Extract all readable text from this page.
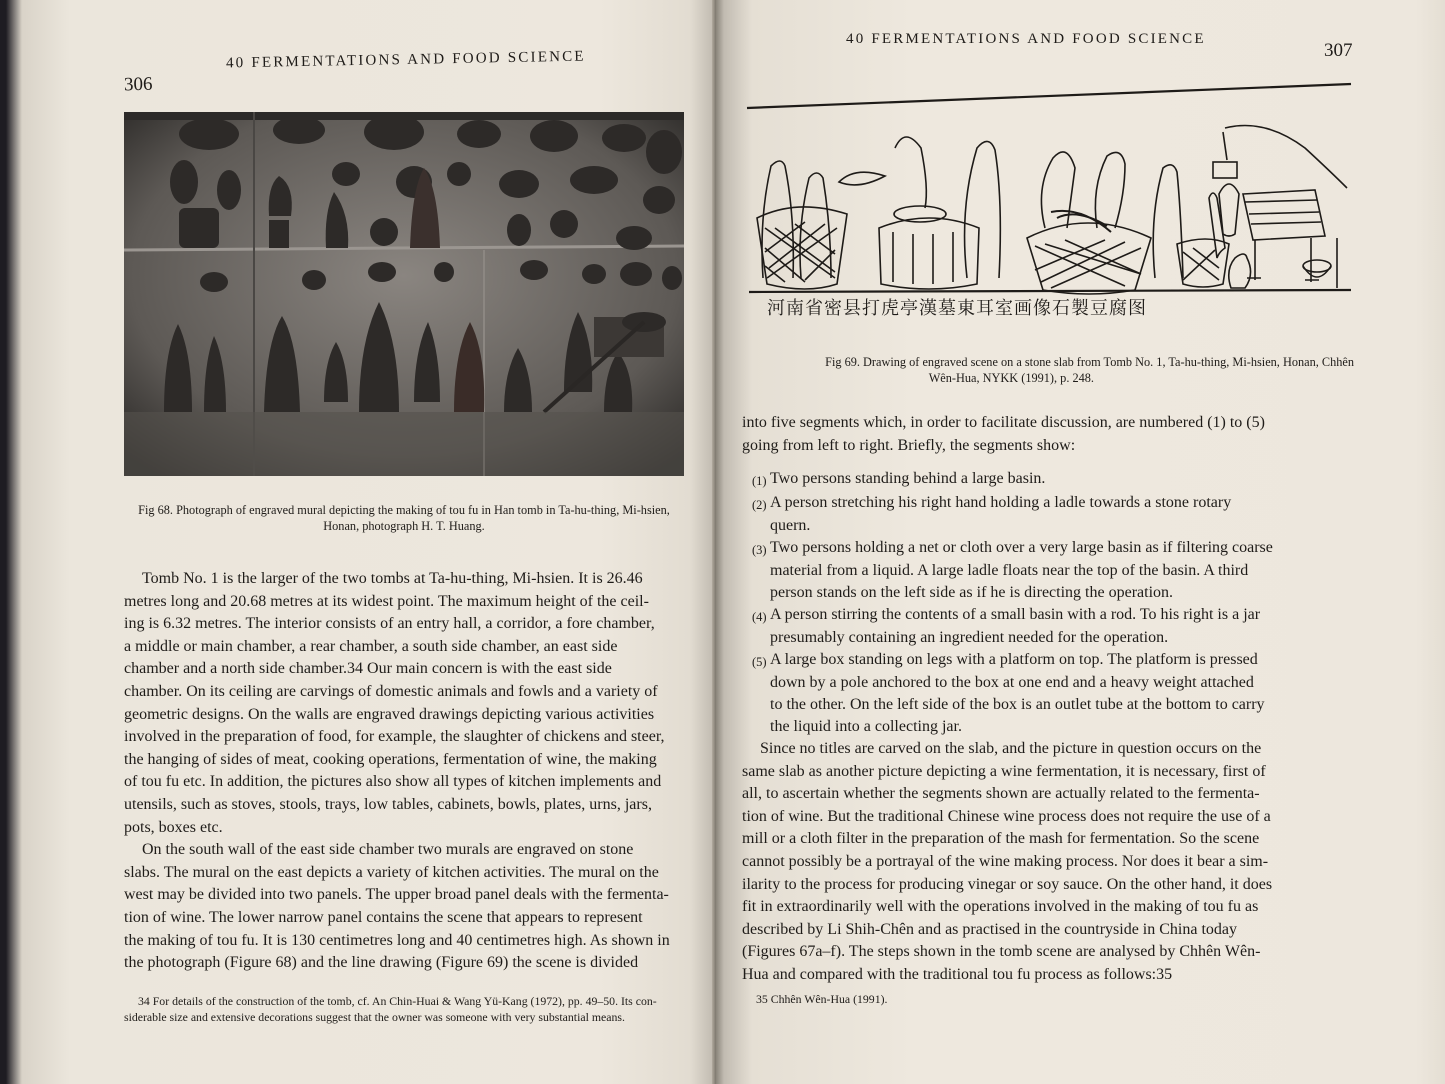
306
40 FERMENTATIONS AND FOOD SCIENCE
Fig 68. Photograph of engraved mural depicting the making of tou fu in Han tomb in Ta-hu-thing, Mi-hsien,
Honan, photograph H. T. Huang.
Tomb No. 1 is the larger of the two tombs at Ta-hu-thing, Mi-hsien. It is 26.46
metres long and 20.68 metres at its widest point. The maximum height of the ceil-
ing is 6.32 metres. The interior consists of an entry hall, a corridor, a fore chamber,
a middle or main chamber, a rear chamber, a south side chamber, an east side
chamber and a north side chamber.34 Our main concern is with the east side
chamber. On its ceiling are carvings of domestic animals and fowls and a variety of
geometric designs. On the walls are engraved drawings depicting various activities
involved in the preparation of food, for example, the slaughter of chickens and steer,
the hanging of sides of meat, cooking operations, fermentation of wine, the making
of tou fu etc. In addition, the pictures also show all types of kitchen implements and
utensils, such as stoves, stools, trays, low tables, cabinets, bowls, plates, urns, jars,
pots, boxes etc.
On the south wall of the east side chamber two murals are engraved on stone
slabs. The mural on the east depicts a variety of kitchen activities. The mural on the
west may be divided into two panels. The upper broad panel deals with the fermenta-
tion of wine. The lower narrow panel contains the scene that appears to represent
the making of tou fu. It is 130 centimetres long and 40 centimetres high. As shown in
the photograph (Figure 68) and the line drawing (Figure 69) the scene is divided
34 For details of the construction of the tomb, cf. An Chin-Huai & Wang Yü-Kang (1972), pp. 49–50. Its con-
siderable size and extensive decorations suggest that the owner was someone with very substantial means.
40 FERMENTATIONS AND FOOD SCIENCE
307
河南省密县打虎亭漢墓東耳室画像石製豆腐图
Fig 69. Drawing of engraved scene on a stone slab from Tomb No. 1, Ta-hu-thing, Mi-hsien, Honan, Chhên
Wên-Hua, NYKK (1991), p. 248.
into five segments which, in order to facilitate discussion, are numbered (1) to (5)
going from left to right. Briefly, the segments show:
(1) Two persons standing behind a large basin.
(2) A person stretching his right hand holding a ladle towards a stone rotary
quern.
(3) Two persons holding a net or cloth over a very large basin as if filtering coarse
material from a liquid. A large ladle floats near the top of the basin. A third
person stands on the left side as if he is directing the operation.
(4) A person stirring the contents of a small basin with a rod. To his right is a jar
presumably containing an ingredient needed for the operation.
(5) A large box standing on legs with a platform on top. The platform is pressed
down by a pole anchored to the box at one end and a heavy weight attached
to the other. On the left side of the box is an outlet tube at the bottom to carry
the liquid into a collecting jar.
Since no titles are carved on the slab, and the picture in question occurs on the
same slab as another picture depicting a wine fermentation, it is necessary, first of
all, to ascertain whether the segments shown are actually related to the fermenta-
tion of wine. But the traditional Chinese wine process does not require the use of a
mill or a cloth filter in the preparation of the mash for fermentation. So the scene
cannot possibly be a portrayal of the wine making process. Nor does it bear a sim-
ilarity to the process for producing vinegar or soy sauce. On the other hand, it does
fit in extraordinarily well with the operations involved in the making of tou fu as
described by Li Shih-Chên and as practised in the countryside in China today
(Figures 67a–f). The steps shown in the tomb scene are analysed by Chhên Wên-
Hua and compared with the traditional tou fu process as follows:35
35 Chhên Wên-Hua (1991).
